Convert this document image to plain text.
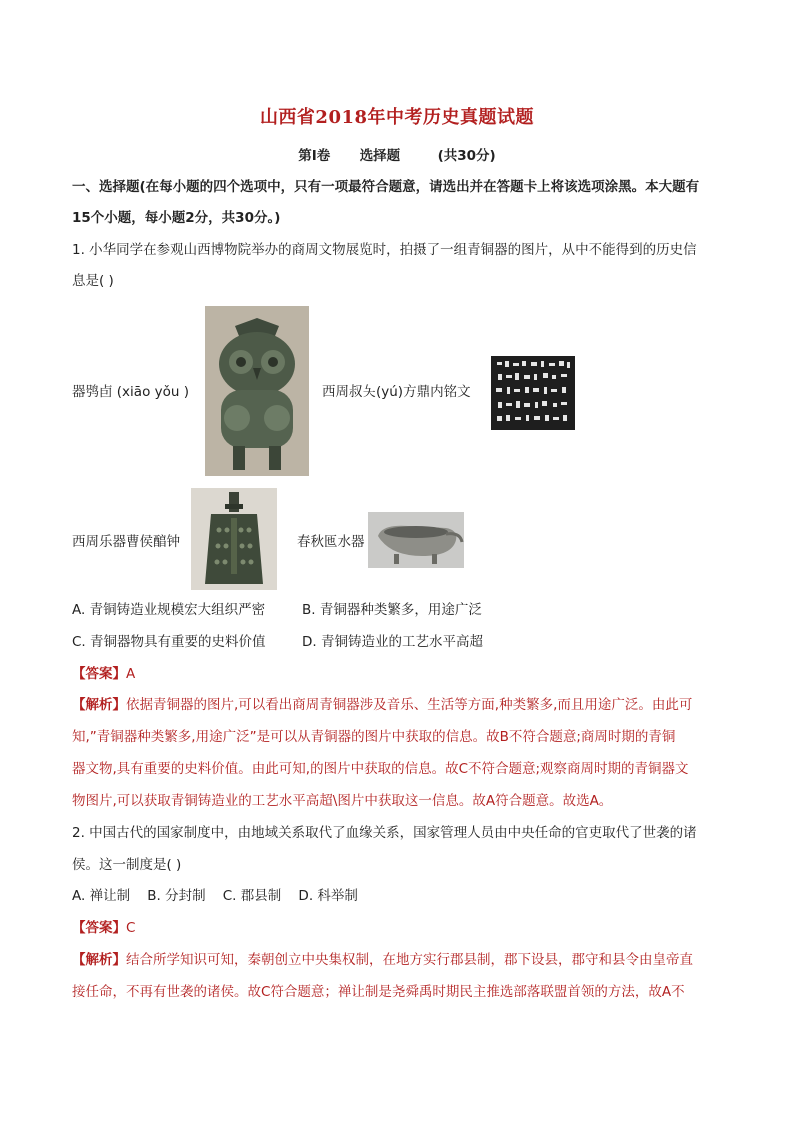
山西省2018年中考历史真题试题
第Ⅰ卷 选择题	(共30分)
一、选择题(在每小题的四个选项中，只有一项最符合题意，请选出并在答题卡上将该选项涂黑。本大题有
15个小题，每小题2分，共30分。)
1. 小华同学在参观山西博物院举办的商周文物展览时，拍摄了一组青铜器的图片，从中不能得到的历史信
息是( )
器鸮卣 (xiāo yǒu )	西周叔夨(yú)方鼎内铭文
西周乐器曹侯醕钟	春秋匜水器
A. 青铜铸造业规模宏大组织严密	B. 青铜器种类繁多，用途广泛
C. 青铜器物具有重要的史料价值	D. 青铜铸造业的工艺水平高超
【答案】A
【解析】依据青铜器的图片,可以看出商周青铜器涉及音乐、生活等方面,种类繁多,而且用途广泛。由此可
知,”青铜器种类繁多,用途广泛”是可以从青铜器的图片中获取的信息。故B不符合题意;商周时期的青铜
器文物,具有重要的史料价值。由此可知,的图片中获取的信息。故C不符合题意;观察商周时期的青铜器文
物图片,可以获取青铜铸造业的工艺水平高超\图片中获取这一信息。故A符合题意。故选A。
2. 中国古代的国家制度中，由地域关系取代了血缘关系，国家管理人员由中央任命的官吏取代了世袭的诸
侯。这一制度是( )
A. 禅让制    B. 分封制    C. 郡县制    D. 科举制
【答案】C
【解析】结合所学知识可知，秦朝创立中央集权制，在地方实行郡县制，郡下设县，郡守和县令由皇帝直
接任命，不再有世袭的诸侯。故C符合题意；禅让制是尧舜禹时期民主推选部落联盟首领的方法，故A不
